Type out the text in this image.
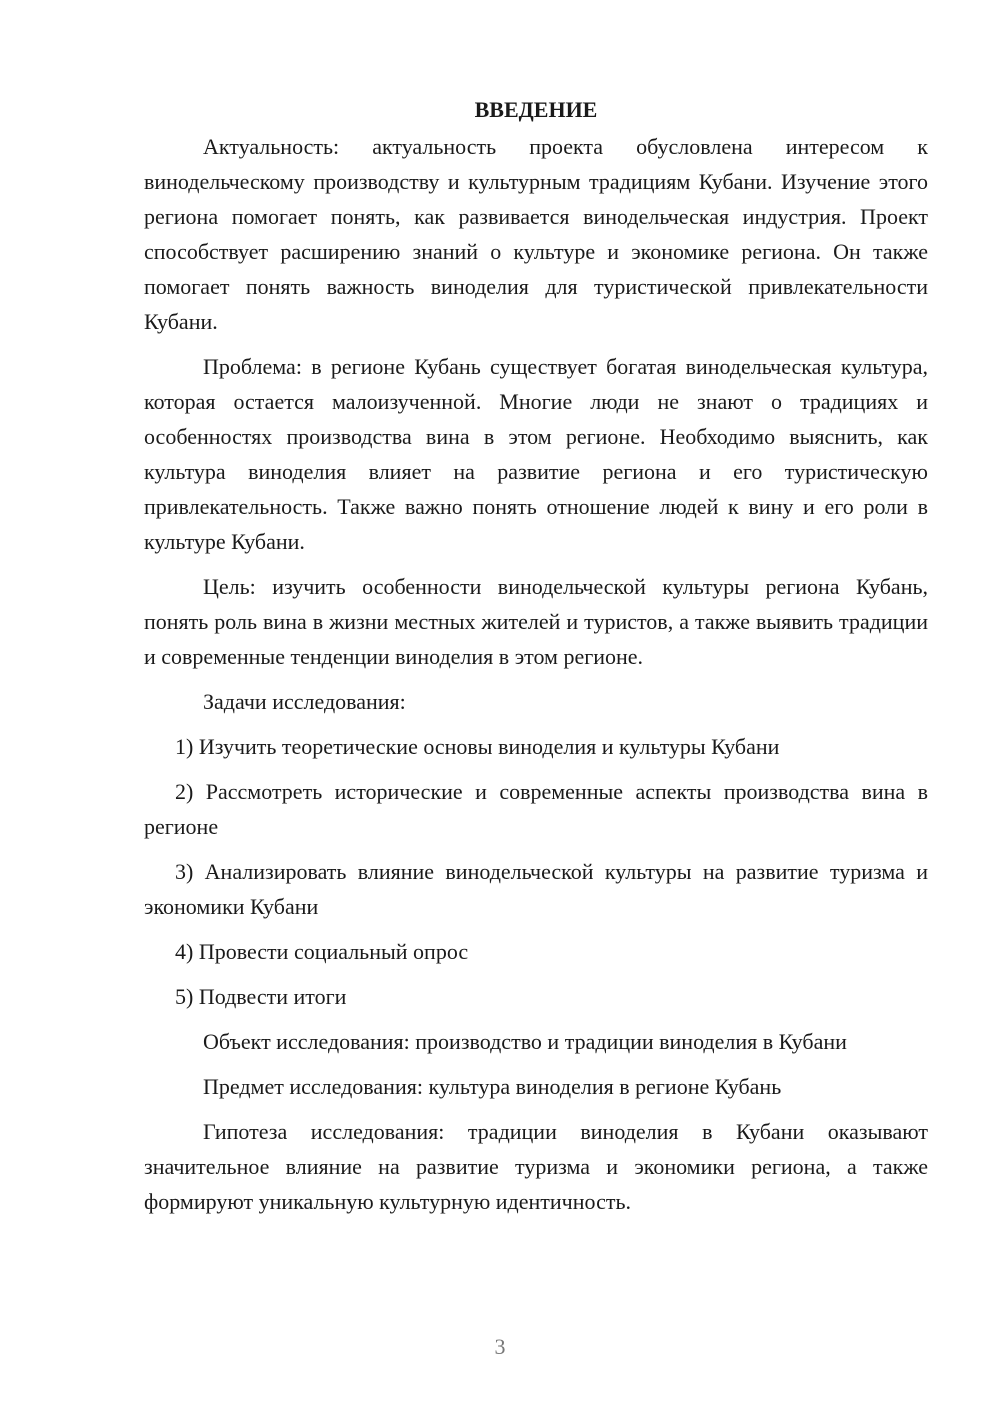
ВВЕДЕНИЕ

Актуальность: актуальность проекта обусловлена интересом к винодельческому производству и культурным традициям Кубани. Изучение этого региона помогает понять, как развивается винодельческая индустрия. Проект способствует расширению знаний о культуре и экономике региона. Он также помогает понять важность виноделия для туристической привлекательности Кубани.

Проблема: в регионе Кубань существует богатая винодельческая культура, которая остается малоизученной. Многие люди не знают о традициях и особенностях производства вина в этом регионе. Необходимо выяснить, как культура виноделия влияет на развитие региона и его туристическую привлекательность. Также важно понять отношение людей к вину и его роли в культуре Кубани.

Цель: изучить особенности винодельческой культуры региона Кубань, понять роль вина в жизни местных жителей и туристов, а также выявить традиции и современные тенденции виноделия в этом регионе.

Задачи исследования:

1) Изучить теоретические основы виноделия и культуры Кубани

2) Рассмотреть исторические и современные аспекты производства вина в регионе

3) Анализировать влияние винодельческой культуры на развитие туризма и экономики Кубани

4) Провести социальный опрос

5) Подвести итоги

Объект исследования: производство и традиции виноделия в Кубани

Предмет исследования: культура виноделия в регионе Кубань

Гипотеза исследования: традиции виноделия в Кубани оказывают значительное влияние на развитие туризма и экономики региона, а также формируют уникальную культурную идентичность.

3
